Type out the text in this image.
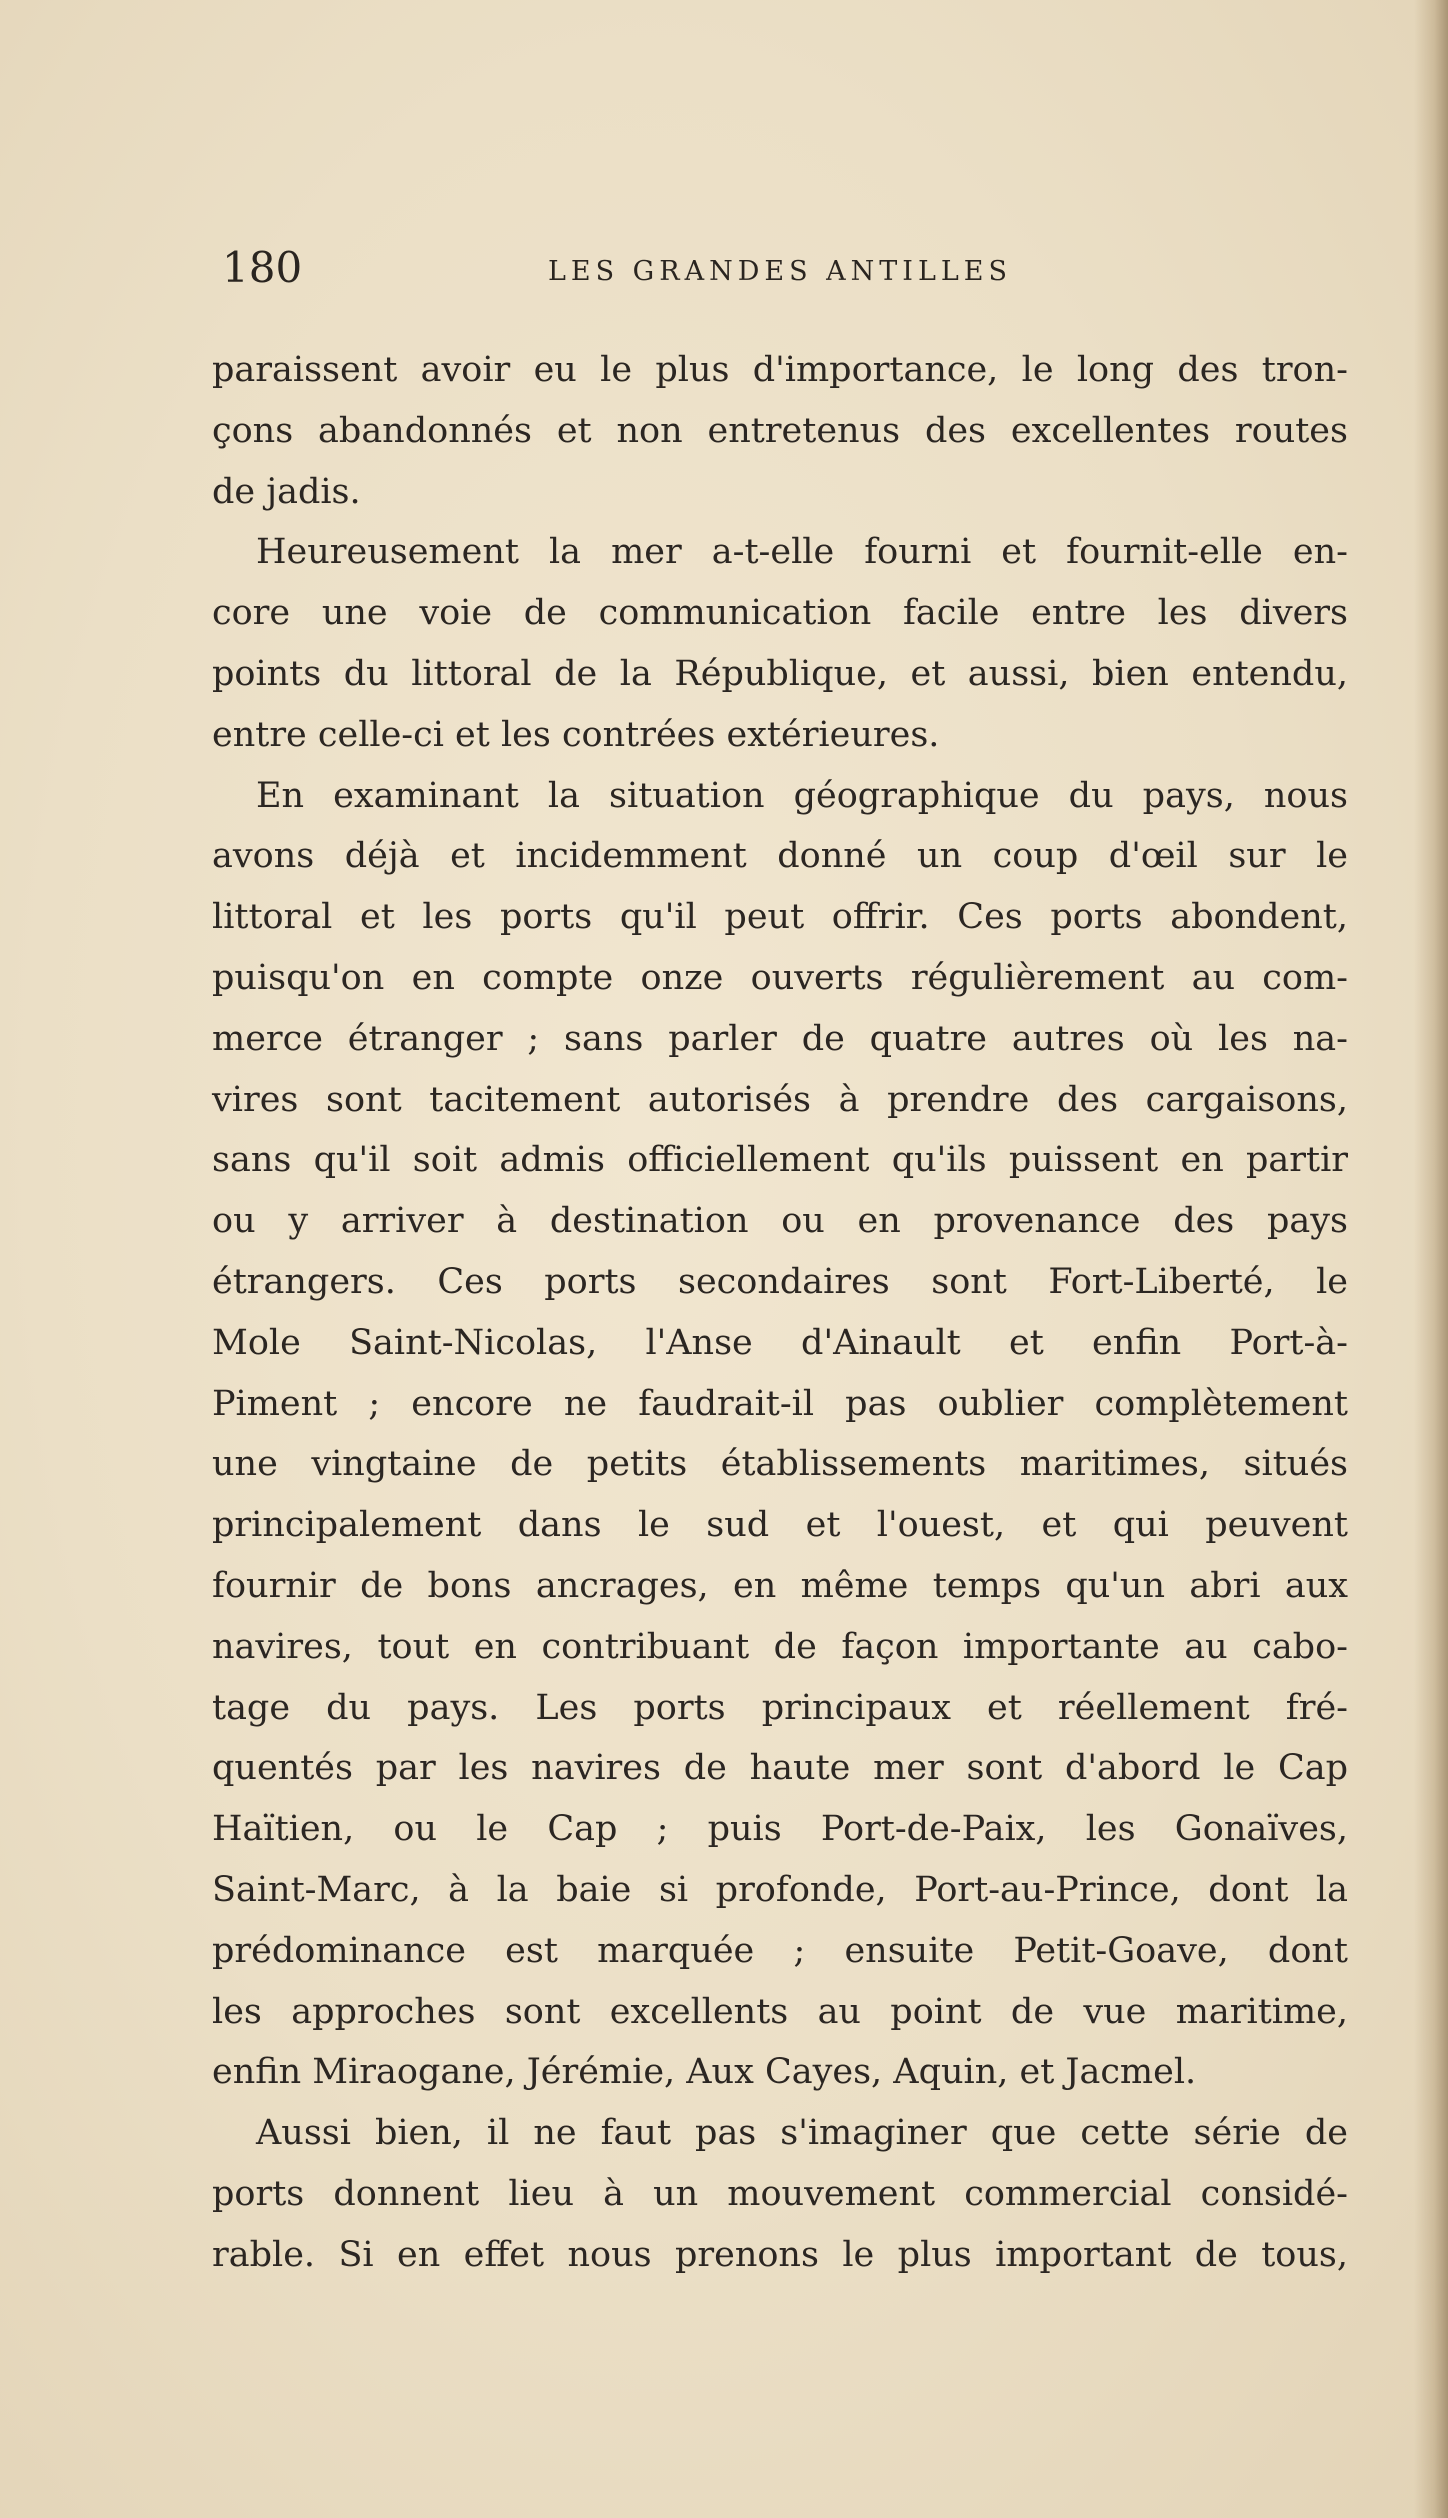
180	LES GRANDES ANTILLES
paraissent avoir eu le plus d'importance, le long des tron-
çons abandonnés et non entretenus des excellentes routes
de jadis.
Heureusement la mer a-t-elle fourni et fournit-elle en-
core une voie de communication facile entre les divers
points du littoral de la République, et aussi, bien entendu,
entre celle-ci et les contrées extérieures.
En examinant la situation géographique du pays, nous
avons déjà et incidemment donné un coup d'œil sur le
littoral et les ports qu'il peut offrir. Ces ports abondent,
puisqu'on en compte onze ouverts régulièrement au com-
merce étranger ; sans parler de quatre autres où les na-
vires sont tacitement autorisés à prendre des cargaisons,
sans qu'il soit admis officiellement qu'ils puissent en partir
ou y arriver à destination ou en provenance des pays
étrangers. Ces ports secondaires sont Fort-Liberté, le
Mole Saint-Nicolas, l'Anse d'Ainault et enfin Port-à-
Piment ; encore ne faudrait-il pas oublier complètement
une vingtaine de petits établissements maritimes, situés
principalement dans le sud et l'ouest, et qui peuvent
fournir de bons ancrages, en même temps qu'un abri aux
navires, tout en contribuant de façon importante au cabo-
tage du pays. Les ports principaux et réellement fré-
quentés par les navires de haute mer sont d'abord le Cap
Haïtien, ou le Cap ; puis Port-de-Paix, les Gonaïves,
Saint-Marc, à la baie si profonde, Port-au-Prince, dont la
prédominance est marquée ; ensuite Petit-Goave, dont
les approches sont excellents au point de vue maritime,
enfin Miraogane, Jérémie, Aux Cayes, Aquin, et Jacmel.
Aussi bien, il ne faut pas s'imaginer que cette série de
ports donnent lieu à un mouvement commercial considé-
rable. Si en effet nous prenons le plus important de tous,
